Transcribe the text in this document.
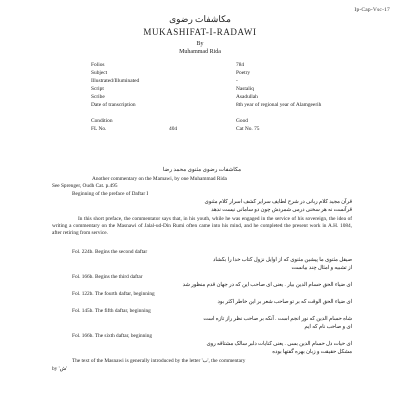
Ip-Cap-Vsc-17
مكاشفات رضوى
MUKASHIFAT-I-RADAWI
By
Muhammad Rida
Folios	784
Subject	Poetry
Illustrated/Illuminated	-
Script	Nastaliq
Scribe	Asadullah
Date of transcription	8th year of regional year of Alamgeerih
Condition	Good
FL No.	404	Cat No. 75
مكاشفات رضوى مثنوى محمد رضا
Another commentary on the Mamawi, by one Muhammad Rida
See Sprenger, Oudh Cat. p.495
Beginning of the preface of Daftar I
قرآن مجید کلام ربانی در شرح لطایف سرایر کشف اسرار کلام مثنوی
قرآنست نه هر سخنی درمی شمردش چون دو سامانی نیست ندهد
In this short preface, the commentator says that, in his youth, while he was engaged in the service of his sovereign, the idea of writing a commentary on the Masnawi of Jalal-ud-Din Rumi often came into his mind, and he completed the present work in A.H. 1084, after retiring from service.
Fol. 224b. Begins the second daftar
صیقل مثنوی ما پیشین مثنوی که از اوایل نزول کتاب خدا را بکشاد
از تشبیه و امثال چند بیانست
Fol. 166b. Begins the third daftar
ای ضیاء الحق حسام الدین بیار . یعنی ای صاحب این که در جهان قدم منظور شد
Fol. 122b. The fourth daftar, beginning
ای ضیاء الحق الوقت که بر تو صاحب شعر بر این خاطر اکثر بود
Fol. 145b. The fifth daftar, beginning
شاه حسام الدین که نور انجم است . آنکه بر صاحب نظر راز تازه است
ای و صاحب نام که ایم
Fol. 166b. The sixth daftar, beginning
ای حیات دل حسام الدین بسی . یعنی کنایات دلبر سالک مشتاقه روی
مشکل حقیقت و زبان بهره گفتها بوده
The text of the Masnawi is generally introduced by the letter 'ب', the commentary
by 'ش'
